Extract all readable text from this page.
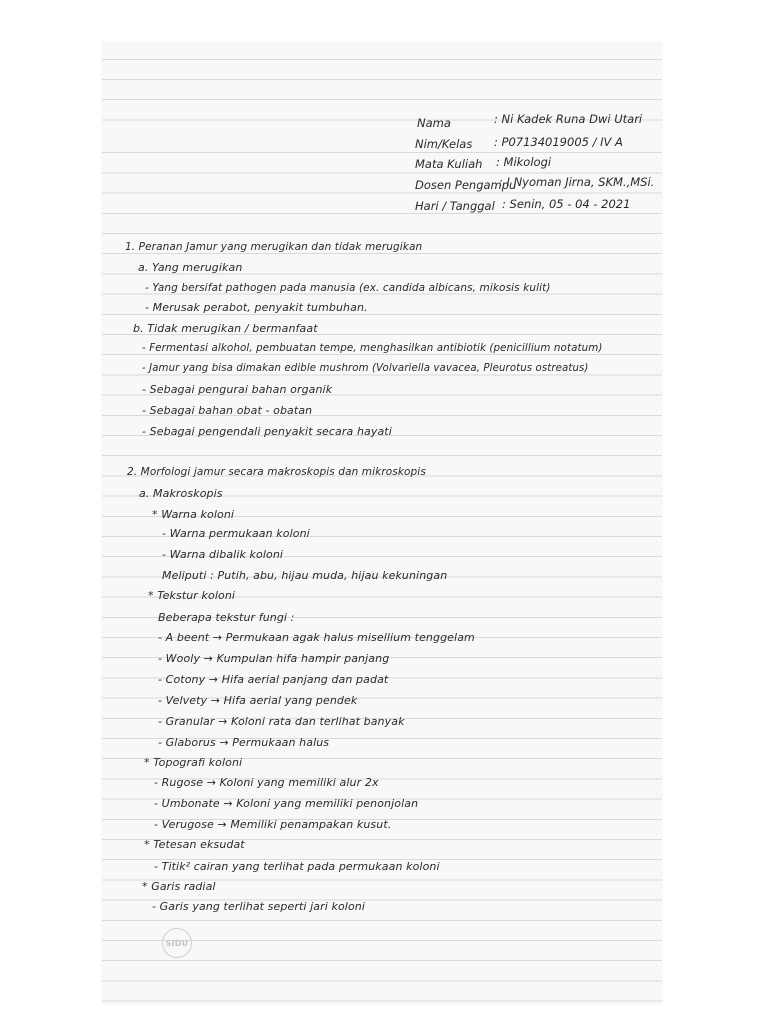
Nama	: Ni Kadek Runa Dwi Utari
Nim/Kelas : P07134019005 / IV A
Mata Kuliah : Mikologi
Dosen Pengampu
: I Nyoman Jirna, SKM.,MSi.
Hari / Tanggal : Senin, 05 - 04 - 2021
1. Peranan Jamur yang merugikan dan tidak merugikan
a. Yang merugikan
- Yang bersifat pathogen pada manusia (ex. candida albicans, mikosis kulit)
- Merusak perabot, penyakit tumbuhan.
b. Tidak merugikan / bermanfaat
- Fermentasi alkohol, pembuatan tempe, menghasilkan antibiotik (penicillium notatum)
- Jamur yang bisa dimakan edible mushrom (Volvariella vavacea, Pleurotus ostreatus)
- Sebagai pengurai bahan organik
- Sebagai bahan obat - obatan
- Sebagai pengendali penyakit secara hayati
2. Morfologi jamur secara makroskopis dan mikroskopis
a. Makroskopis
* Warna koloni
- Warna permukaan koloni
- Warna dibalik koloni
Meliputi : Putih, abu, hijau muda, hijau kekuningan
* Tekstur koloni
Beberapa tekstur fungi :
- A beent → Permukaan agak halus misellium tenggelam
- Wooly → Kumpulan hifa hampir panjang
- Cotony → Hifa aerial panjang dan padat
- Velvety → Hifa aerial yang pendek
- Granular → Koloni rata dan terlihat banyak
- Glaborus → Permukaan halus
* Topografi koloni
- Rugose → Koloni yang memiliki alur 2x
- Umbonate → Koloni yang memiliki penonjolan
- Verugose → Memiliki penampakan kusut.
* Tetesan eksudat
- Titik² cairan yang terlihat pada permukaan koloni
* Garis radial
- Garis yang terlihat seperti jari koloni
SIDU
